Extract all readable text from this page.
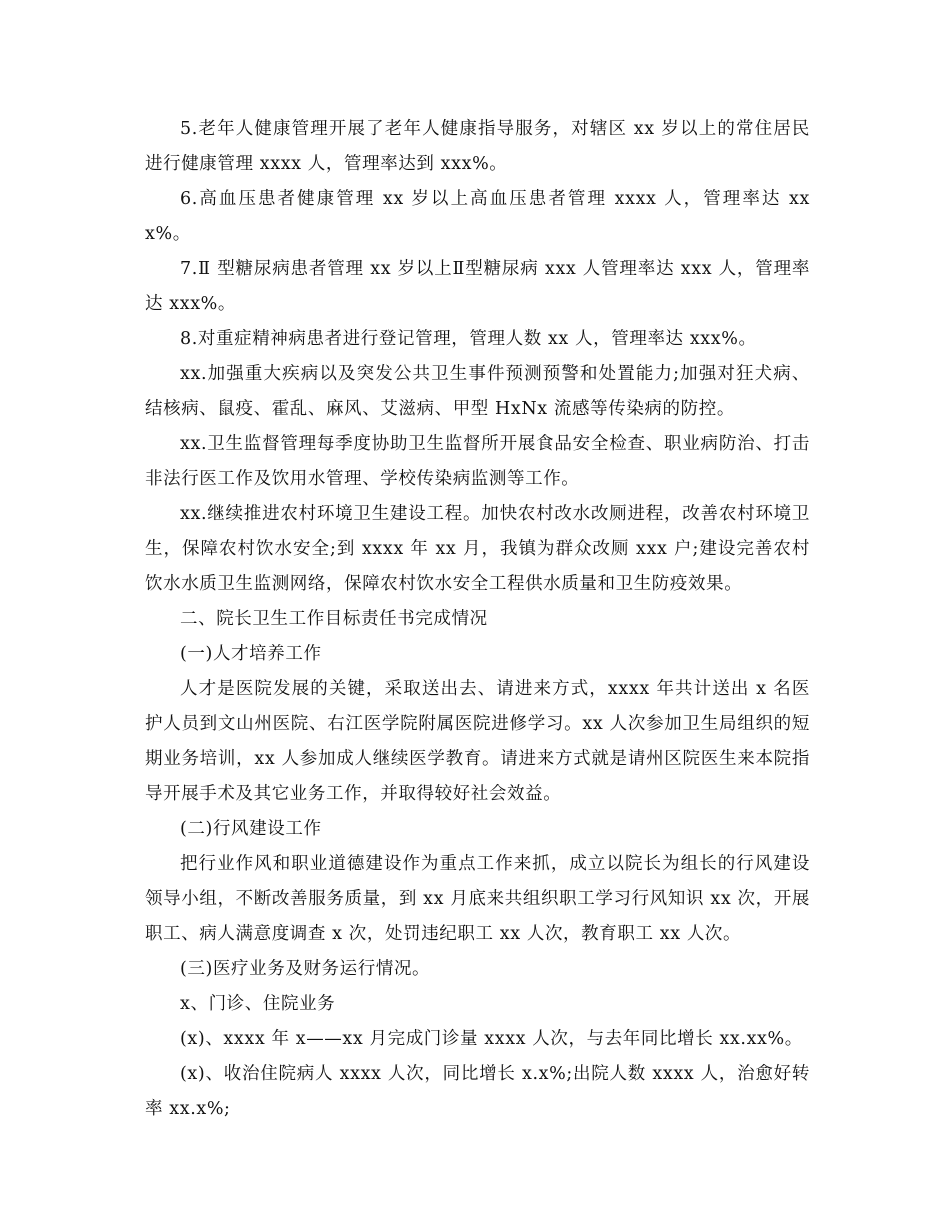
5.老年人健康管理开展了老年人健康指导服务，对辖区 xx 岁以上的常住居民进行健康管理 xxxx 人，管理率达到 xxx%。

6.高血压患者健康管理 xx 岁以上高血压患者管理 xxxx 人，管理率达 xxx%。

7.Ⅱ 型糖尿病患者管理 xx 岁以上Ⅱ型糖尿病 xxx 人管理率达 xxx 人，管理率达 xxx%。

8.对重症精神病患者进行登记管理，管理人数 xx 人，管理率达 xxx%。

xx.加强重大疾病以及突发公共卫生事件预测预警和处置能力;加强对狂犬病、结核病、鼠疫、霍乱、麻风、艾滋病、甲型 HxNx 流感等传染病的防控。

xx.卫生监督管理每季度协助卫生监督所开展食品安全检查、职业病防治、打击非法行医工作及饮用水管理、学校传染病监测等工作。

xx.继续推进农村环境卫生建设工程。加快农村改水改厕进程，改善农村环境卫生，保障农村饮水安全;到 xxxx 年 xx 月，我镇为群众改厕 xxx 户;建设完善农村饮水水质卫生监测网络，保障农村饮水安全工程供水质量和卫生防疫效果。

二、院长卫生工作目标责任书完成情况

(一)人才培养工作

人才是医院发展的关键，采取送出去、请进来方式，xxxx 年共计送出 x 名医护人员到文山州医院、右江医学院附属医院进修学习。xx 人次参加卫生局组织的短期业务培训，xx 人参加成人继续医学教育。请进来方式就是请州区院医生来本院指导开展手术及其它业务工作，并取得较好社会效益。

(二)行风建设工作

把行业作风和职业道德建设作为重点工作来抓，成立以院长为组长的行风建设领导小组，不断改善服务质量，到 xx 月底来共组织职工学习行风知识 xx 次，开展职工、病人满意度调查 x 次，处罚违纪职工 xx 人次，教育职工 xx 人次。

(三)医疗业务及财务运行情况。

x、门诊、住院业务

(x)、xxxx 年 x——xx 月完成门诊量 xxxx 人次，与去年同比增长 xx.xx%。

(x)、收治住院病人 xxxx 人次，同比增长 x.x%;出院人数 xxxx 人，治愈好转率 xx.x%;
